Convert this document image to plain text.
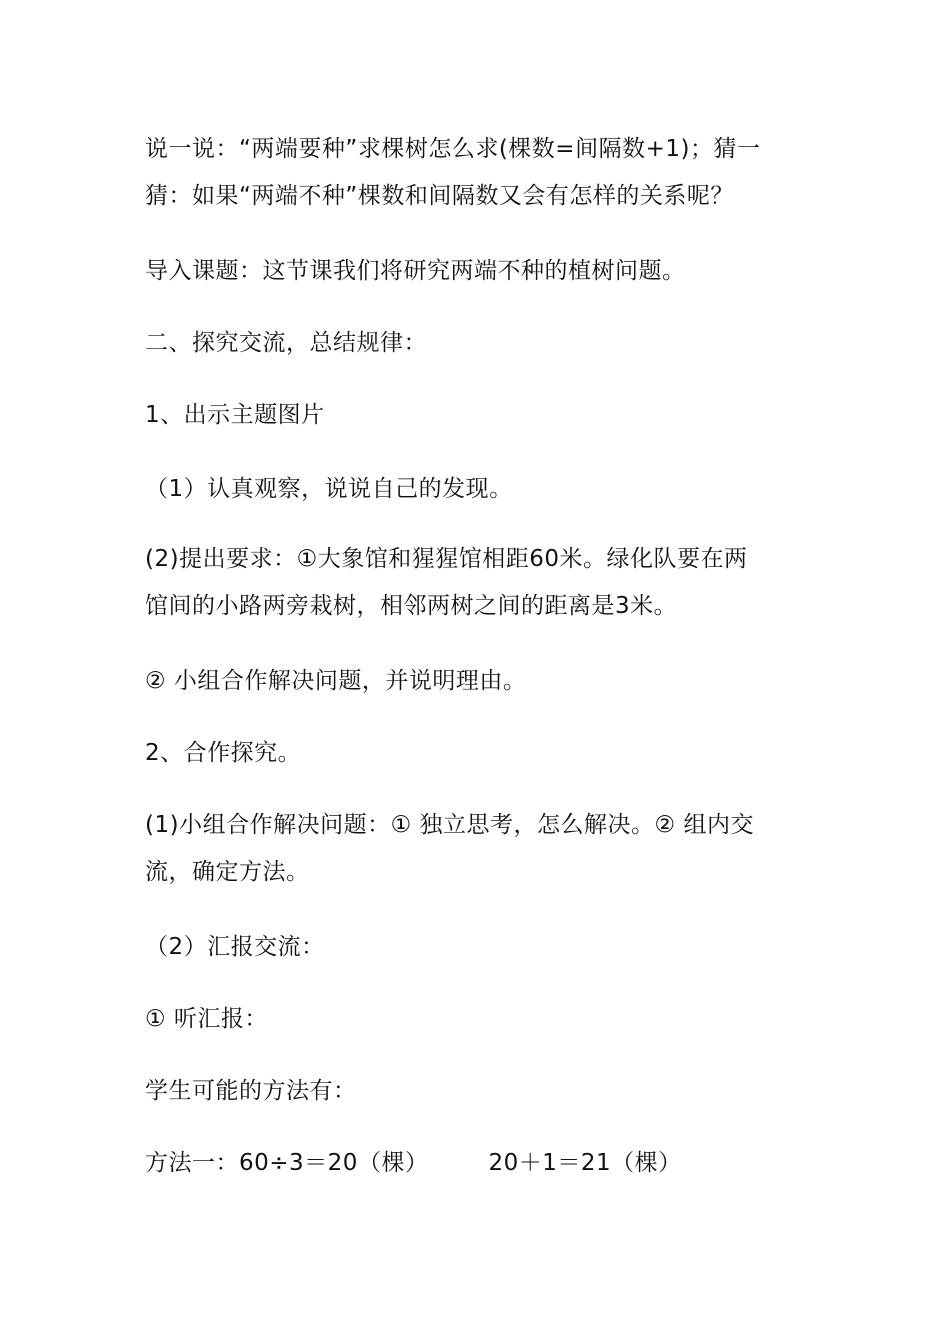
说一说：“两端要种”求棵树怎么求(棵数=间隔数+1)；猜一
猜：如果“两端不种”棵数和间隔数又会有怎样的关系呢？
导入课题：这节课我们将研究两端不种的植树问题。
二、探究交流，总结规律：
1、出示主题图片
（1）认真观察，说说自己的发现。
(2)提出要求：①大象馆和猩猩馆相距60米。绿化队要在两
馆间的小路两旁栽树，相邻两树之间的距离是3米。
② 小组合作解决问题，并说明理由。
2、合作探究。
(1)小组合作解决问题：① 独立思考，怎么解决。② 组内交
流，确定方法。
（2）汇报交流：
① 听汇报：
学生可能的方法有：
方法一：60÷3＝20（棵）	20＋1＝21（棵）
